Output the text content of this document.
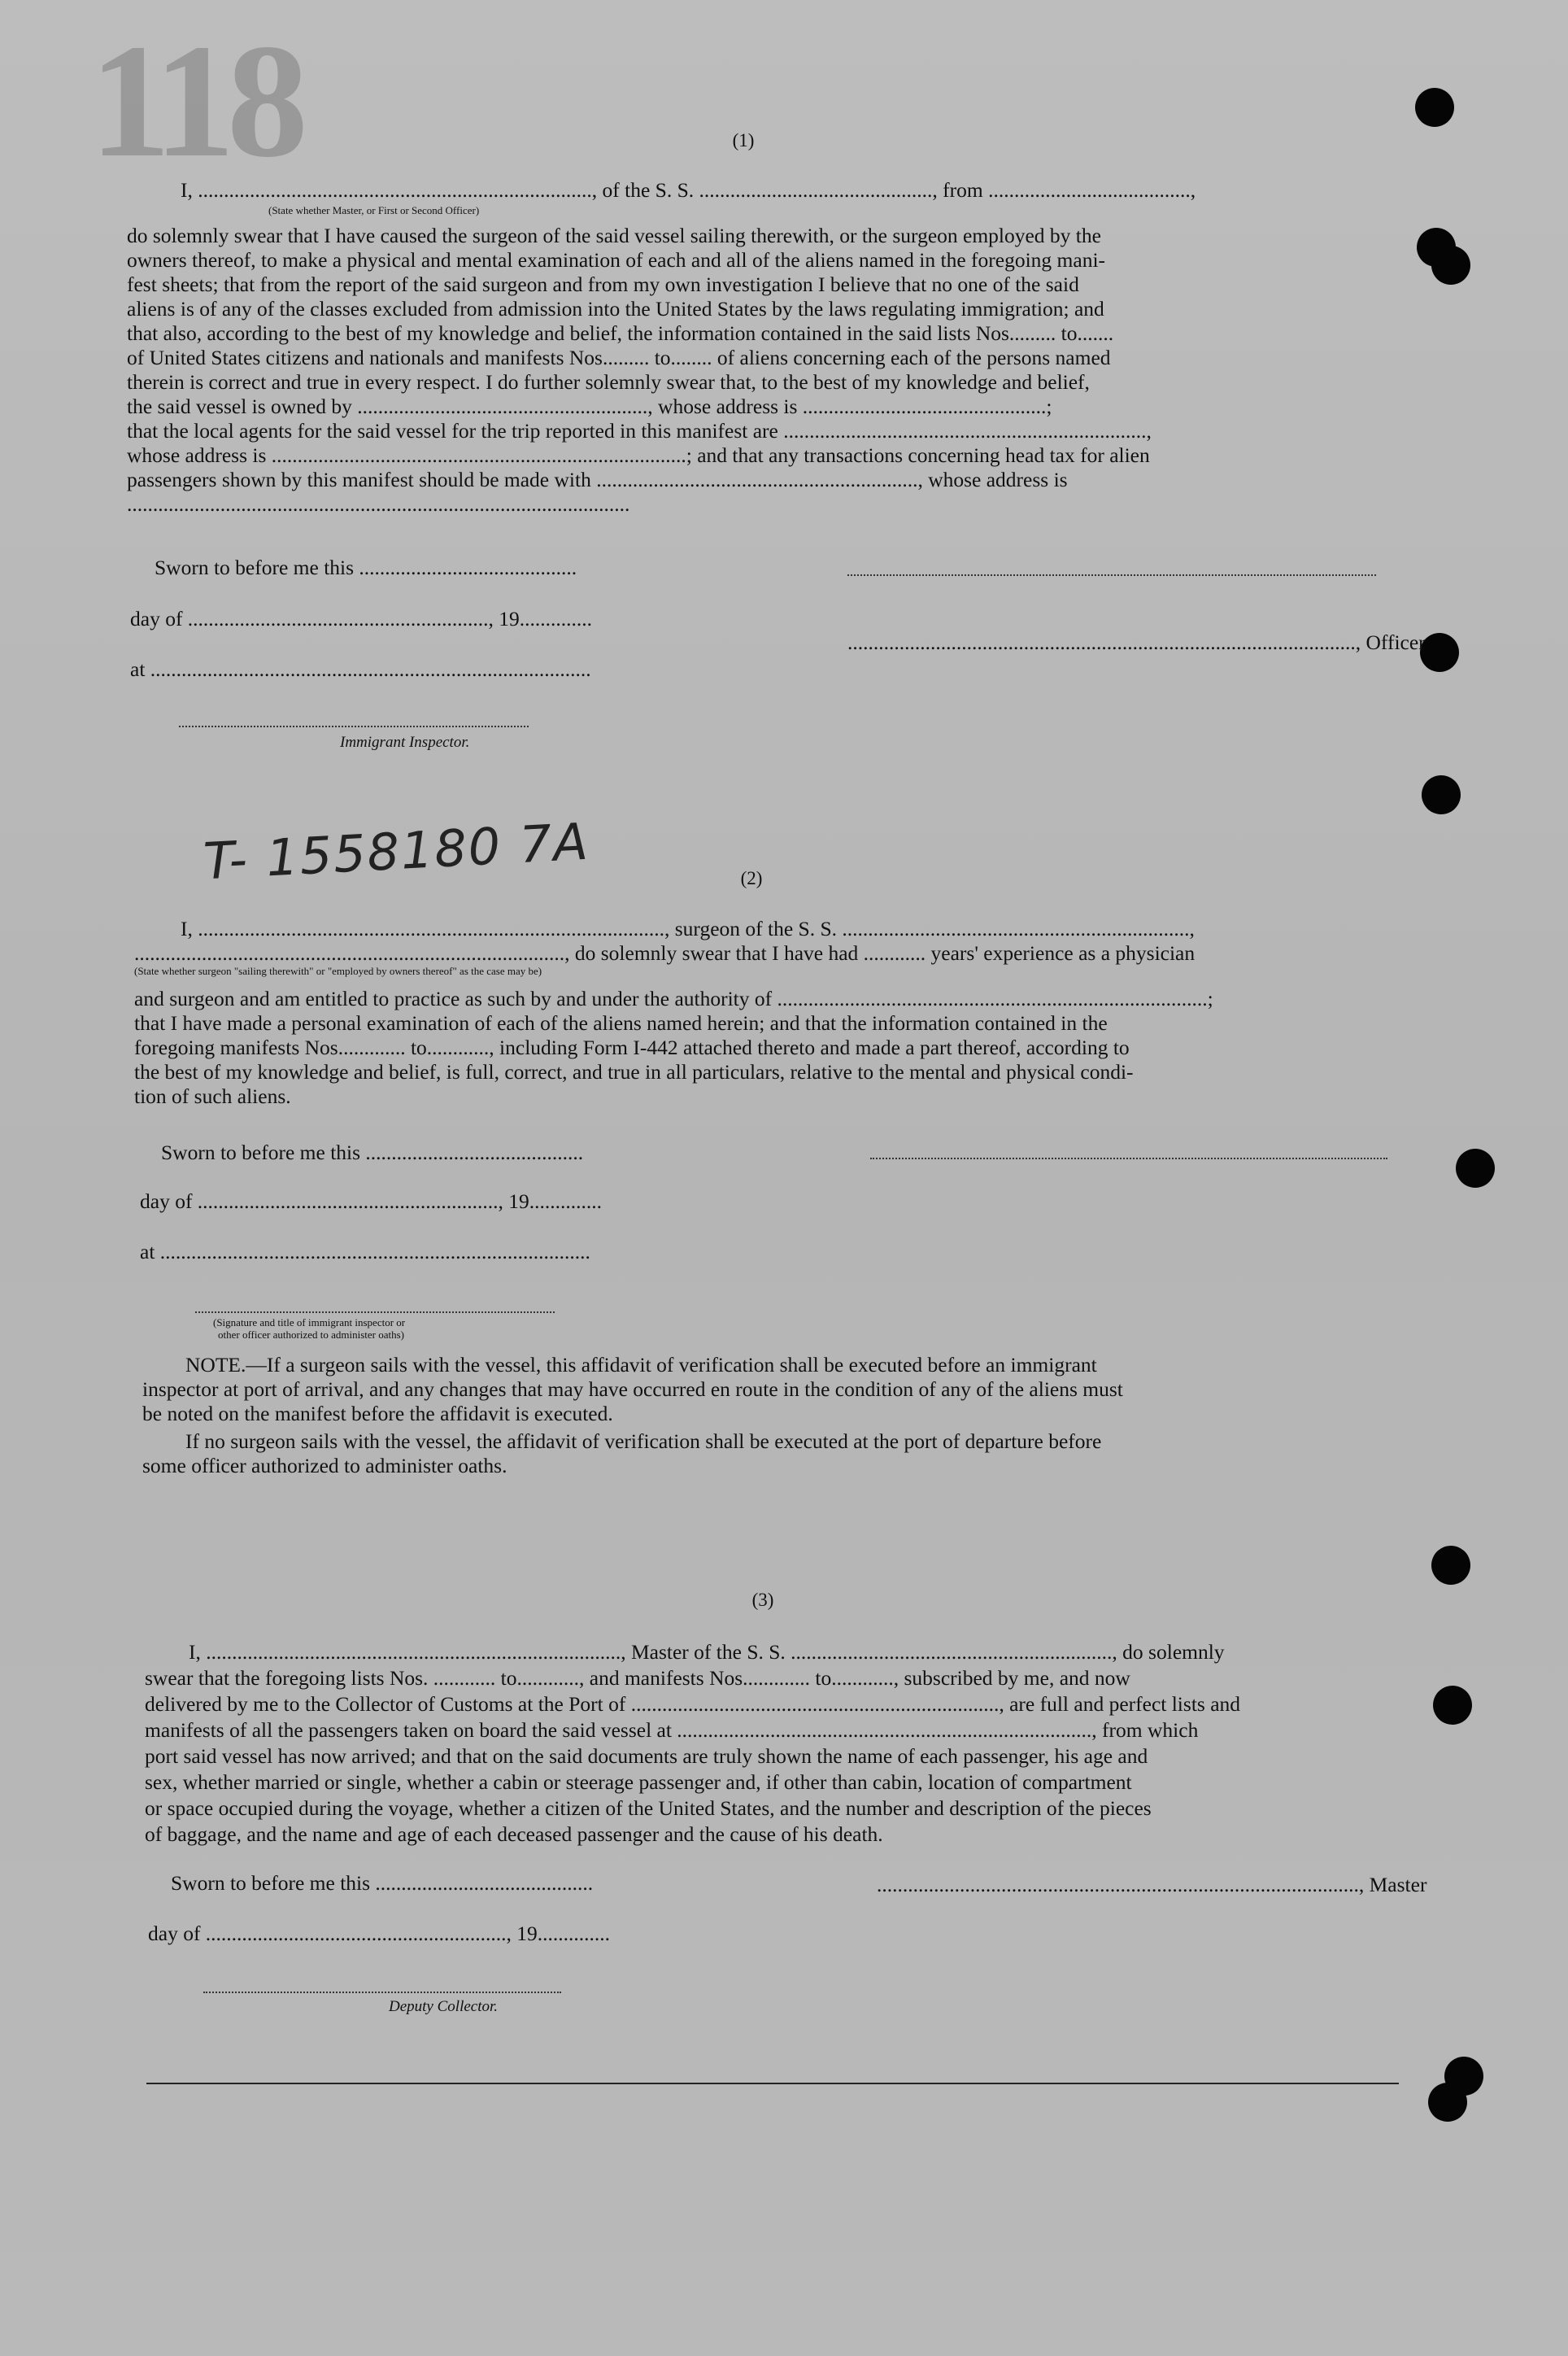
118	(1)
I, ............................................................................, of the S. S. ............................................., from .......................................,
(State whether Master, or First or Second Officer)
do solemnly swear that I have caused the surgeon of the said vessel sailing therewith, or the surgeon employed by the
owners thereof, to make a physical and mental examination of each and all of the aliens named in the foregoing mani-
fest sheets; that from the report of the said surgeon and from my own investigation I believe that no one of the said
aliens is of any of the classes excluded from admission into the United States by the laws regulating immigration; and
that also, according to the best of my knowledge and belief, the information contained in the said lists Nos......... to.......
of United States citizens and nationals and manifests Nos......... to........ of aliens concerning each of the persons named
therein is correct and true in every respect. I do further solemnly swear that, to the best of my knowledge and belief,
the said vessel is owned by ........................................................, whose address is ...............................................;
that the local agents for the said vessel for the trip reported in this manifest are ......................................................................,
whose address is ................................................................................; and that any transactions concerning head tax for alien
passengers shown by this manifest should be made with .............................................................., whose address is
.................................................................................................
Sworn to before me this ..........................................
day of .........................................................., 19..............
.................................................................................................., Officer
at .....................................................................................
Immigrant Inspector.
T- 1558180 7A	(2)
I, .........................................................................................., surgeon of the S. S. ...................................................................,
..................................................................................., do solemnly swear that I have had ............ years' experience as a physician
(State whether surgeon "sailing therewith" or "employed by owners thereof" as the case may be)
and surgeon and am entitled to practice as such by and under the authority of ...................................................................................;
that I have made a personal examination of each of the aliens named herein; and that the information contained in the
foregoing manifests Nos............. to............, including Form I-442 attached thereto and made a part thereof, according to
the best of my knowledge and belief, is full, correct, and true in all particulars, relative to the mental and physical condi-
tion of such aliens.
Sworn to before me this ..........................................
day of .........................................................., 19..............
at ...................................................................................
(Signature and title of immigrant inspector or
other officer authorized to administer oaths)
NOTE.—If a surgeon sails with the vessel, this affidavit of verification shall be executed before an immigrant
inspector at port of arrival, and any changes that may have occurred en route in the condition of any of the aliens must
be noted on the manifest before the affidavit is executed.
If no surgeon sails with the vessel, the affidavit of verification shall be executed at the port of departure before
some officer authorized to administer oaths.
(3)
I, ................................................................................, Master of the S. S. .............................................................., do solemnly
swear that the foregoing lists Nos. ............ to............, and manifests Nos............. to............, subscribed by me, and now
delivered by me to the Collector of Customs at the Port of ......................................................................., are full and perfect lists and
manifests of all the passengers taken on board the said vessel at ................................................................................, from which
port said vessel has now arrived; and that on the said documents are truly shown the name of each passenger, his age and
sex, whether married or single, whether a cabin or steerage passenger and, if other than cabin, location of compartment
or space occupied during the voyage, whether a citizen of the United States, and the number and description of the pieces
of baggage, and the name and age of each deceased passenger and the cause of his death.
Sworn to before me this ..........................................	............................................................................................., Master
day of .........................................................., 19..............
Deputy Collector.
